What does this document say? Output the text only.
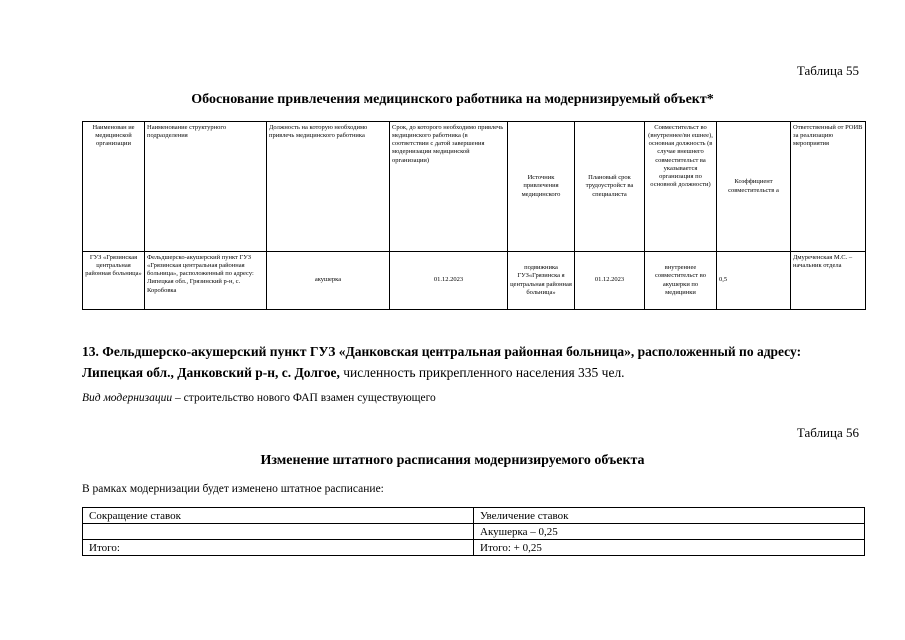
Таблица 55
Обоснование привлечения медицинского работника на модернизируемый объект*
Наименован ие медицинской организации	Наименование структурного подразделения	Должность на которую необходимо привлечь медицинского работника	Срок, до которого необходимо привлечь медицинского работника (в соответствии с датой завершения модернизации медицинской организации)	Источник привлечения медицинского	Плановый срок трудоустройст ва специалиста	Совместительст во (внутреннее/вн ешнее), основная должность (в случае внешнего совместительст ва указывается организация по основной должности)	Коэффициент совместительств а	Ответственный от РОИВ за реализацию мероприятия
ГУЗ «Грязинская центральная районная больница»	Фельдшерско-акушерский пункт ГУЗ «Грязинская центральная районная больница», расположенный по адресу: Липецкая обл., Грязинский р-н, с. Коробовка	акушерка	01.12.2023	подвижника ГУЗ«Грязинска я центральная районная больница»	01.12.2023	внутреннее совместительст во акушерки по медицинки	0,5	Дмуреченская М.С. – начальник отдела
13. Фельдшерско-акушерский пункт ГУЗ «Данковская центральная районная больница», расположенный по адресу: Липецкая обл., Данковский р-н, с. Долгое, численность прикрепленного населения 335 чел.
Вид модернизации – строительство нового ФАП взамен существующего
Таблица 56
Изменение штатного расписания модернизируемого объекта
В рамках модернизации будет изменено штатное расписание:
Сокращение ставок	Увеличение ставок
	Акушерка – 0,25
Итого:	Итого: + 0,25
